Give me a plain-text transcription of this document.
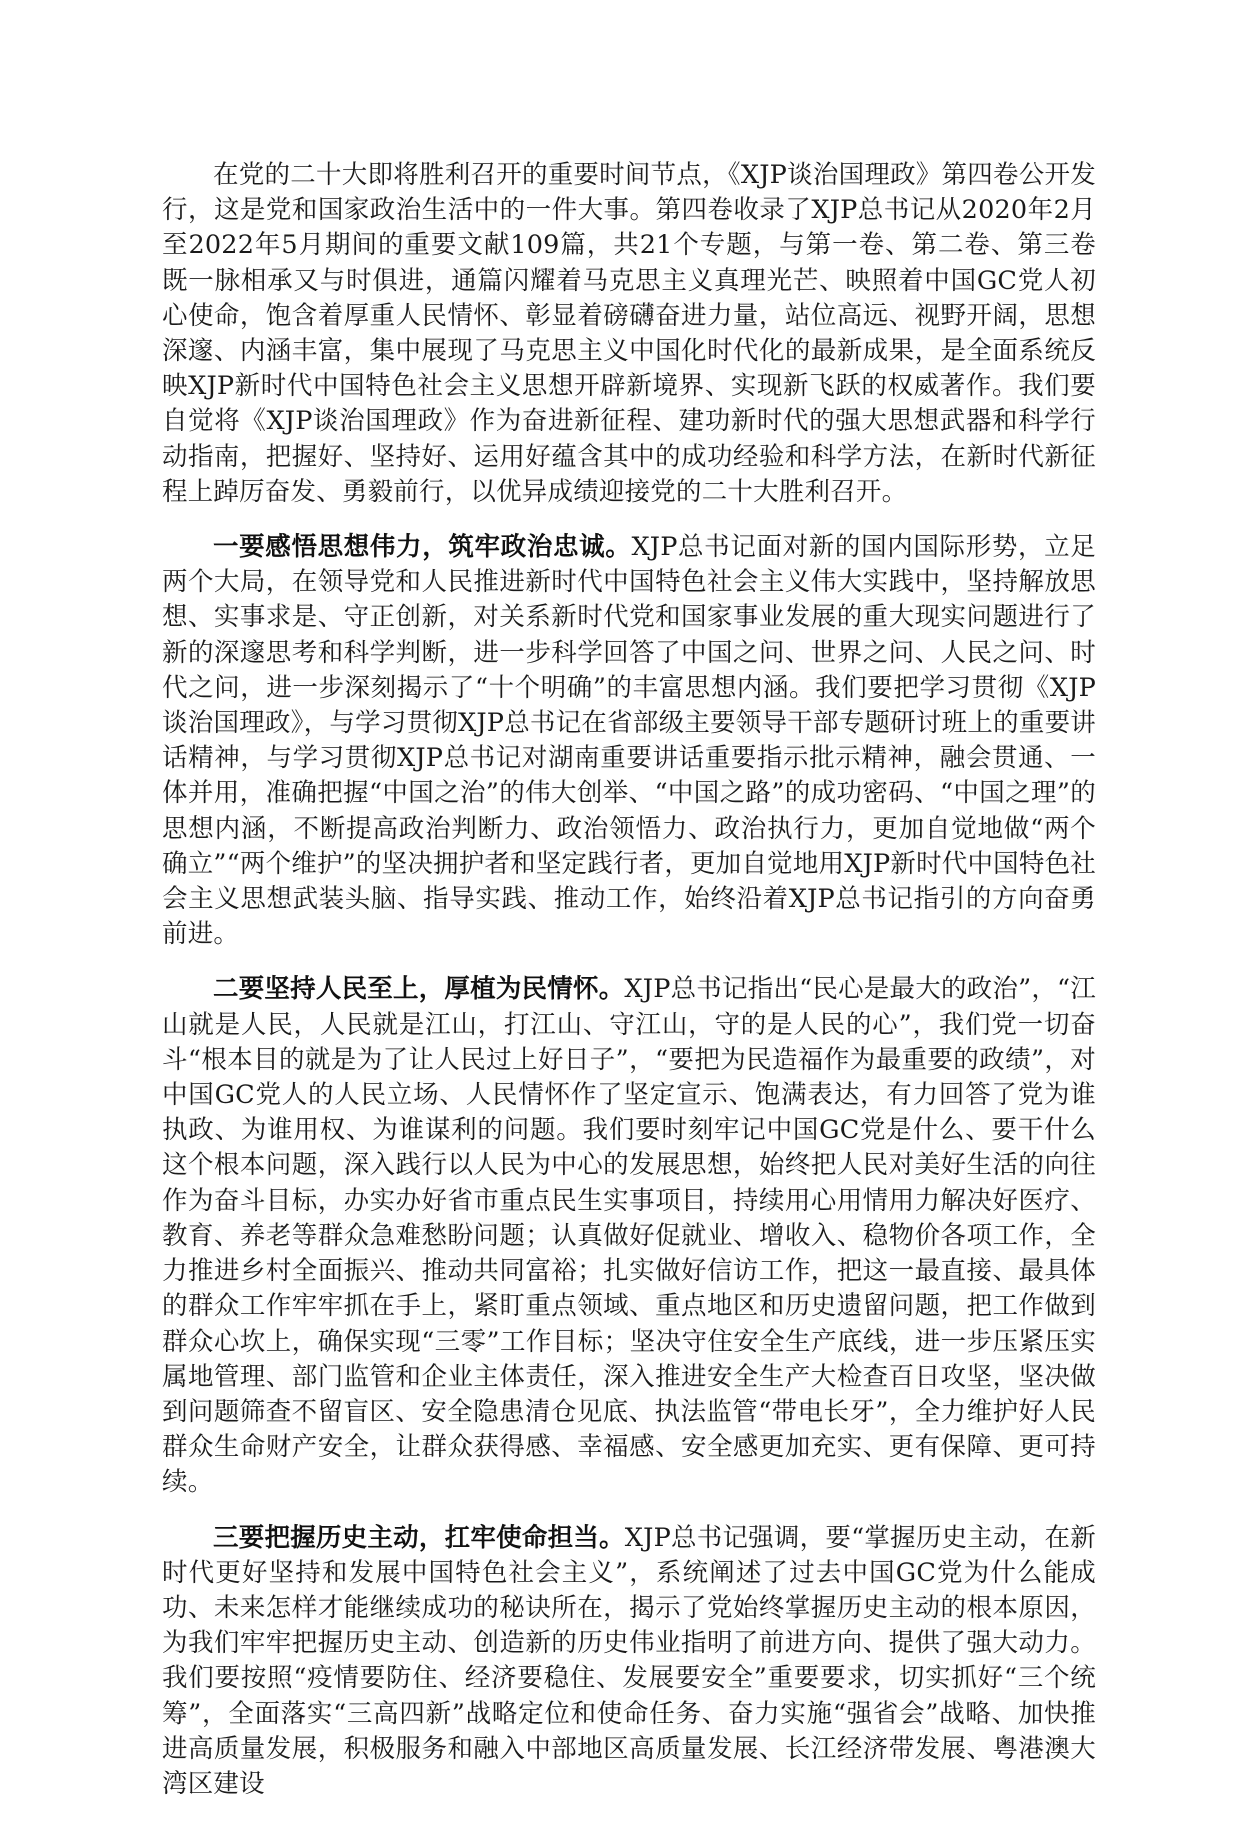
在党的二十大即将胜利召开的重要时间节点，《XJP谈治国理政》第四卷公开发行，这是党和国家政治生活中的一件大事。第四卷收录了XJP总书记从2020年2月至2022年5月期间的重要文献109篇，共21个专题，与第一卷、第二卷、第三卷既一脉相承又与时俱进，通篇闪耀着马克思主义真理光芒、映照着中国GC党人初心使命，饱含着厚重人民情怀、彰显着磅礴奋进力量，站位高远、视野开阔，思想深邃、内涵丰富，集中展现了马克思主义中国化时代化的最新成果，是全面系统反映XJP新时代中国特色社会主义思想开辟新境界、实现新飞跃的权威著作。我们要自觉将《XJP谈治国理政》作为奋进新征程、建功新时代的强大思想武器和科学行动指南，把握好、坚持好、运用好蕴含其中的成功经验和科学方法，在新时代新征程上踔厉奋发、勇毅前行，以优异成绩迎接党的二十大胜利召开。

一要感悟思想伟力，筑牢政治忠诚。XJP总书记面对新的国内国际形势，立足两个大局，在领导党和人民推进新时代中国特色社会主义伟大实践中，坚持解放思想、实事求是、守正创新，对关系新时代党和国家事业发展的重大现实问题进行了新的深邃思考和科学判断，进一步科学回答了中国之问、世界之问、人民之问、时代之问，进一步深刻揭示了“十个明确”的丰富思想内涵。我们要把学习贯彻《XJP谈治国理政》，与学习贯彻XJP总书记在省部级主要领导干部专题研讨班上的重要讲话精神，与学习贯彻XJP总书记对湖南重要讲话重要指示批示精神，融会贯通、一体并用，准确把握“中国之治”的伟大创举、“中国之路”的成功密码、“中国之理”的思想内涵，不断提高政治判断力、政治领悟力、政治执行力，更加自觉地做“两个确立”“两个维护”的坚决拥护者和坚定践行者，更加自觉地用XJP新时代中国特色社会主义思想武装头脑、指导实践、推动工作，始终沿着XJP总书记指引的方向奋勇前进。

二要坚持人民至上，厚植为民情怀。XJP总书记指出“民心是最大的政治”，“江山就是人民，人民就是江山，打江山、守江山，守的是人民的心”，我们党一切奋斗“根本目的就是为了让人民过上好日子”，“要把为民造福作为最重要的政绩”，对中国GC党人的人民立场、人民情怀作了坚定宣示、饱满表达，有力回答了党为谁执政、为谁用权、为谁谋利的问题。我们要时刻牢记中国GC党是什么、要干什么这个根本问题，深入践行以人民为中心的发展思想，始终把人民对美好生活的向往作为奋斗目标，办实办好省市重点民生实事项目，持续用心用情用力解决好医疗、教育、养老等群众急难愁盼问题；认真做好促就业、增收入、稳物价各项工作，全力推进乡村全面振兴、推动共同富裕；扎实做好信访工作，把这一最直接、最具体的群众工作牢牢抓在手上，紧盯重点领域、重点地区和历史遗留问题，把工作做到群众心坎上，确保实现“三零”工作目标；坚决守住安全生产底线，进一步压紧压实属地管理、部门监管和企业主体责任，深入推进安全生产大检查百日攻坚，坚决做到问题筛查不留盲区、安全隐患清仓见底、执法监管“带电长牙”，全力维护好人民群众生命财产安全，让群众获得感、幸福感、安全感更加充实、更有保障、更可持续。

三要把握历史主动，扛牢使命担当。XJP总书记强调，要“掌握历史主动，在新时代更好坚持和发展中国特色社会主义”，系统阐述了过去中国GC党为什么能成功、未来怎样才能继续成功的秘诀所在，揭示了党始终掌握历史主动的根本原因，为我们牢牢把握历史主动、创造新的历史伟业指明了前进方向、提供了强大动力。我们要按照“疫情要防住、经济要稳住、发展要安全”重要要求，切实抓好“三个统筹”，全面落实“三高四新”战略定位和使命任务、奋力实施“强省会”战略、加快推进高质量发展，积极服务和融入中部地区高质量发展、长江经济带发展、粤港澳大湾区建设
